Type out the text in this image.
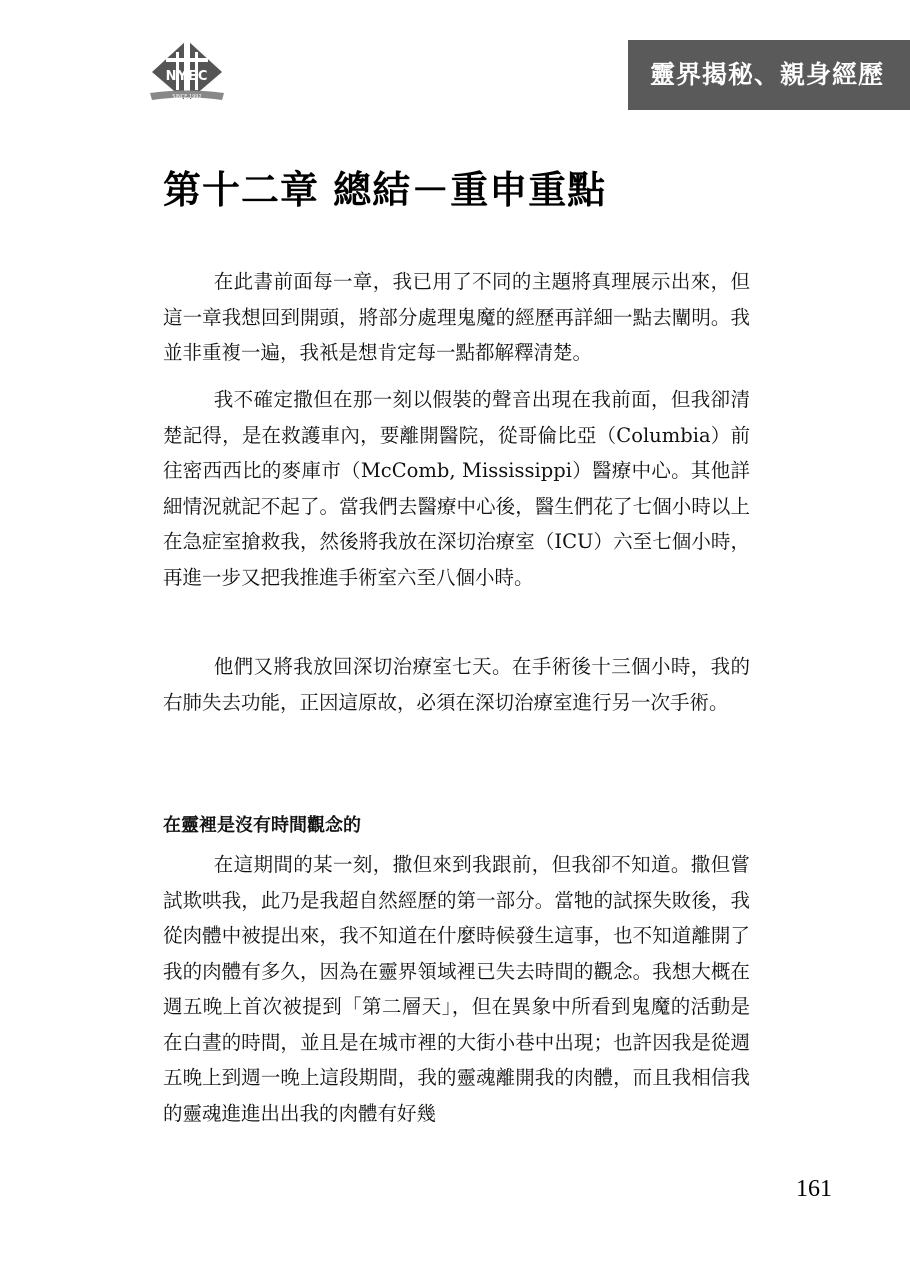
NYEC
SINCE 1992
靈界揭秘、親身經歷
第十二章 總結－重申重點

在此書前面每一章，我已用了不同的主題將真理展示出來，但這一章我想回到開頭，將部分處理鬼魔的經歷再詳細一點去闡明。我並非重複一遍，我衹是想肯定每一點都解釋清楚。

我不確定撒但在那一刻以假裝的聲音出現在我前面，但我卻清楚記得，是在救護車內，要離開醫院，從哥倫比亞（Columbia）前往密西西比的麥庫市（McComb, Mississippi）醫療中心。其他詳細情況就記不起了。當我們去醫療中心後，醫生們花了七個小時以上在急症室搶救我，然後將我放在深切治療室（ICU）六至七個小時，再進一步又把我推進手術室六至八個小時。

他們又將我放回深切治療室七天。在手術後十三個小時，我的右肺失去功能，正因這原故，必須在深切治療室進行另一次手術。

在靈裡是沒有時間觀念的

在這期間的某一刻，撒但來到我跟前，但我卻不知道。撒但嘗試欺哄我，此乃是我超自然經歷的第一部分。當牠的試探失敗後，我從肉體中被提出來，我不知道在什麼時候發生這事，也不知道離開了我的肉體有多久，因為在靈界領域裡已失去時間的觀念。我想大概在週五晚上首次被提到「第二層天」，但在異象中所看到鬼魔的活動是在白晝的時間，並且是在城市裡的大街小巷中出現；也許因我是從週五晚上到週一晚上這段期間，我的靈魂離開我的肉體，而且我相信我的靈魂進進出出我的肉體有好幾

161
